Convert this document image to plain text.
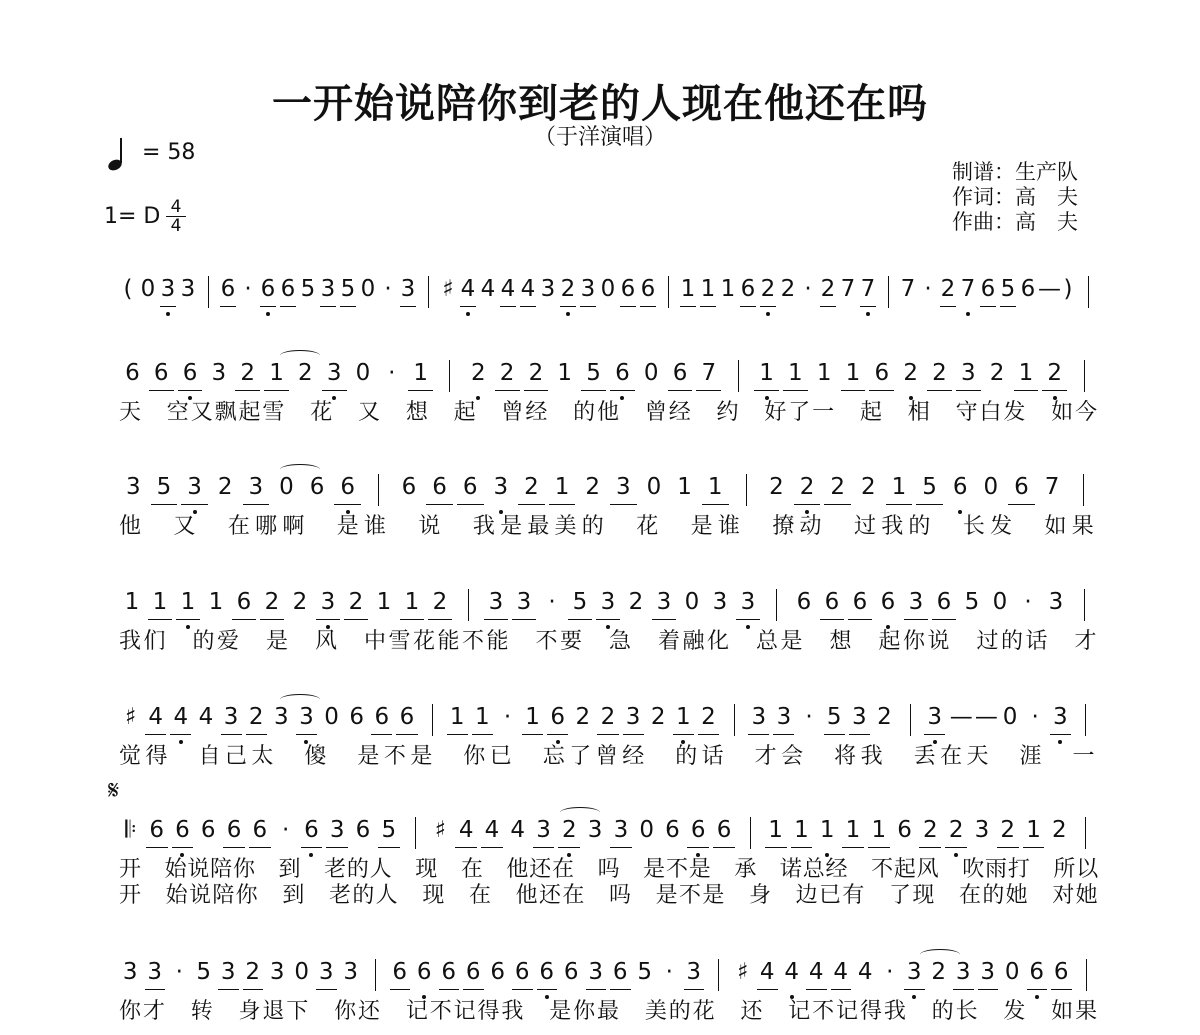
一开始说陪你到老的人现在他还在吗
（于洋演唱）
= 58
1= D 4
4
制谱：生产队
作词：高　夫
作曲：高　夫
𝄋
( 0 3 3 6 · 6 6 5 3 5 0 · 3 ♯ 4 4 4 4 3 2 3 0 6 6 1 1 1 6 2 2 · 2 7 7 7 · 2 7 6 5 6 — )
6 6 6 3 2 1 2 3 0 · 1 2 2 2 1 5 6 0 6 7 1 1 1 1 6 2 2 3 2 1 2
天 空 又 飘 起 雪 花 又 想 起 曾 经 的 他 曾 经 约 好 了 一 起 相 守 白 发 如 今
3 5 3 2 3 0 6 6 6 6 6 3 2 1 2 3 0 1 1 2 2 2 2 1 5 6 0 6 7
他 又 在 哪 啊 是 谁 说 我 是 最 美 的 花 是 谁 撩 动 过 我 的 长 发 如 果
1 1 1 1 6 2 2 3 2 1 1 2 3 3 · 5 3 2 3 0 3 3 6 6 6 6 3 6 5 0 · 3
我 们 的 爱 是 风 中 雪 花 能 不 能 不 要 急 着 融 化 总 是 想 起 你 说 过 的 话 才
♯ 4 4 4 3 2 3 3 0 6 6 6 1 1 · 1 6 2 2 3 2 1 2 3 3 · 5 3 2 3 — — 0 · 3
觉 得 自 己 太 傻 是 不 是 你 已 忘 了 曾 经 的 话 才 会 将 我 丢 在 天 涯 一
𝄆 6 6 6 6 6 · 6 3 6 5 ♯ 4 4 4 3 2 3 3 0 6 6 6 1 1 1 1 1 6 2 2 3 2 1 2
开 始 说 陪 你 到 老 的 人 现 在 他 还 在 吗 是 不 是 承 诺 总 经 不 起 风 吹 雨 打 所 以
开 始 说 陪 你 到 老 的 人 现 在 他 还 在 吗 是 不 是 身 边 已 有 了 现 在 的 她 对 她
3 3 · 5 3 2 3 0 3 3 6 6 6 6 6 6 6 6 3 6 5 · 3 ♯ 4 4 4 4 4 · 3 2 3 3 0 6 6
你 才 转 身 退 下 你 还 记 不 记 得 我 是 你 最 美 的 花 还 记 不 记 得 我 的 长 发 如 果
